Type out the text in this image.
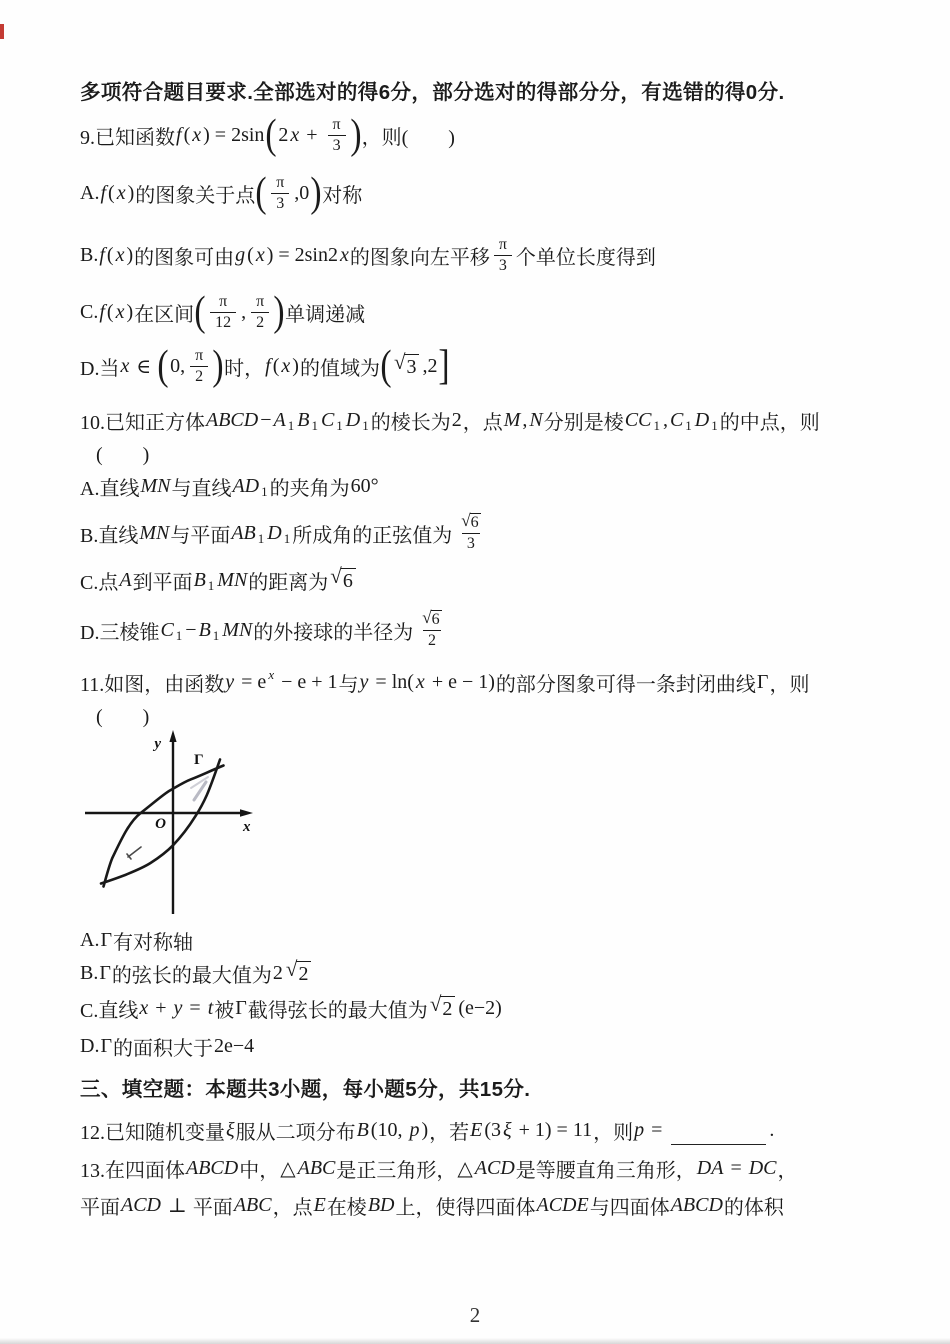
多项符合题目要求.全部选对的得6分，部分选对的得部分分，有选错的得0分.
9.已知函数 f ( x ) = 2sin ( 2 $x + \frac{\pi}{3}$ ) ，则(　　)
A. f ( x ) 的图象关于点 ( $\frac{\pi}{3} ,0$ ) 对称
B. f ( x ) 的图象可由 g ( x ) = 2sin2 x 的图象向左平移 $\frac{\pi}{3}$ 个单位长度得到
C. f ( x ) 在区间 ( $\frac{\pi}{12}$ , $\frac{\pi}{2}$ ) 单调递减
D.当 x ∈ ( 0, $\frac{\pi}{2}$ ) 时， f ( x ) 的值域为 ( √ 3 ,2 ]
10.已知正方体 ABCD − A 1 B 1 C 1 D 1 的棱长为 2 ，点 M , N 分别是棱 CC 1 , C 1 D 1 的中点，则
(　　)
A.直线 MN 与直线 AD 1 的夹角为 60°
B.直线 MN 与平面 AB 1 D 1 所成角的正弦值为 $\frac{√ 6}{3}$
C.点 A 到平面 B 1 MN 的距离为 √ 6
D.三棱锥 C 1 − B 1 MN 的外接球的半径为 $\frac{√ 6}{2}$
11.如图，由函数 y = e x − e + 1 与 y = ln( x + e − 1) 的部分图象可得一条封闭曲线 Γ ，则
(　　)
y
x
O
Γ
A. Γ 有对称轴
B. Γ 的弦长的最大值为 2 √ 2
C.直线 x + y = t 被 Γ 截得弦长的最大值为 √ 2 (e−2)
D. Γ 的面积大于 2e−4
三、填空题：本题共3小题，每小题5分，共15分.
12.已知随机变量 ξ 服从二项分布 B (10, p ) ，若 E (3 ξ + 1) = 11 ，则 p =	.
13.在四面体 ABCD 中， △ ABC 是正三角形， △ ACD 是等腰直角三角形， DA = DC ，
平面 ACD ⊥ 平面 ABC ，点 E 在棱 BD 上，使得四面体 ACDE 与四面体 ABCD 的体积
2
